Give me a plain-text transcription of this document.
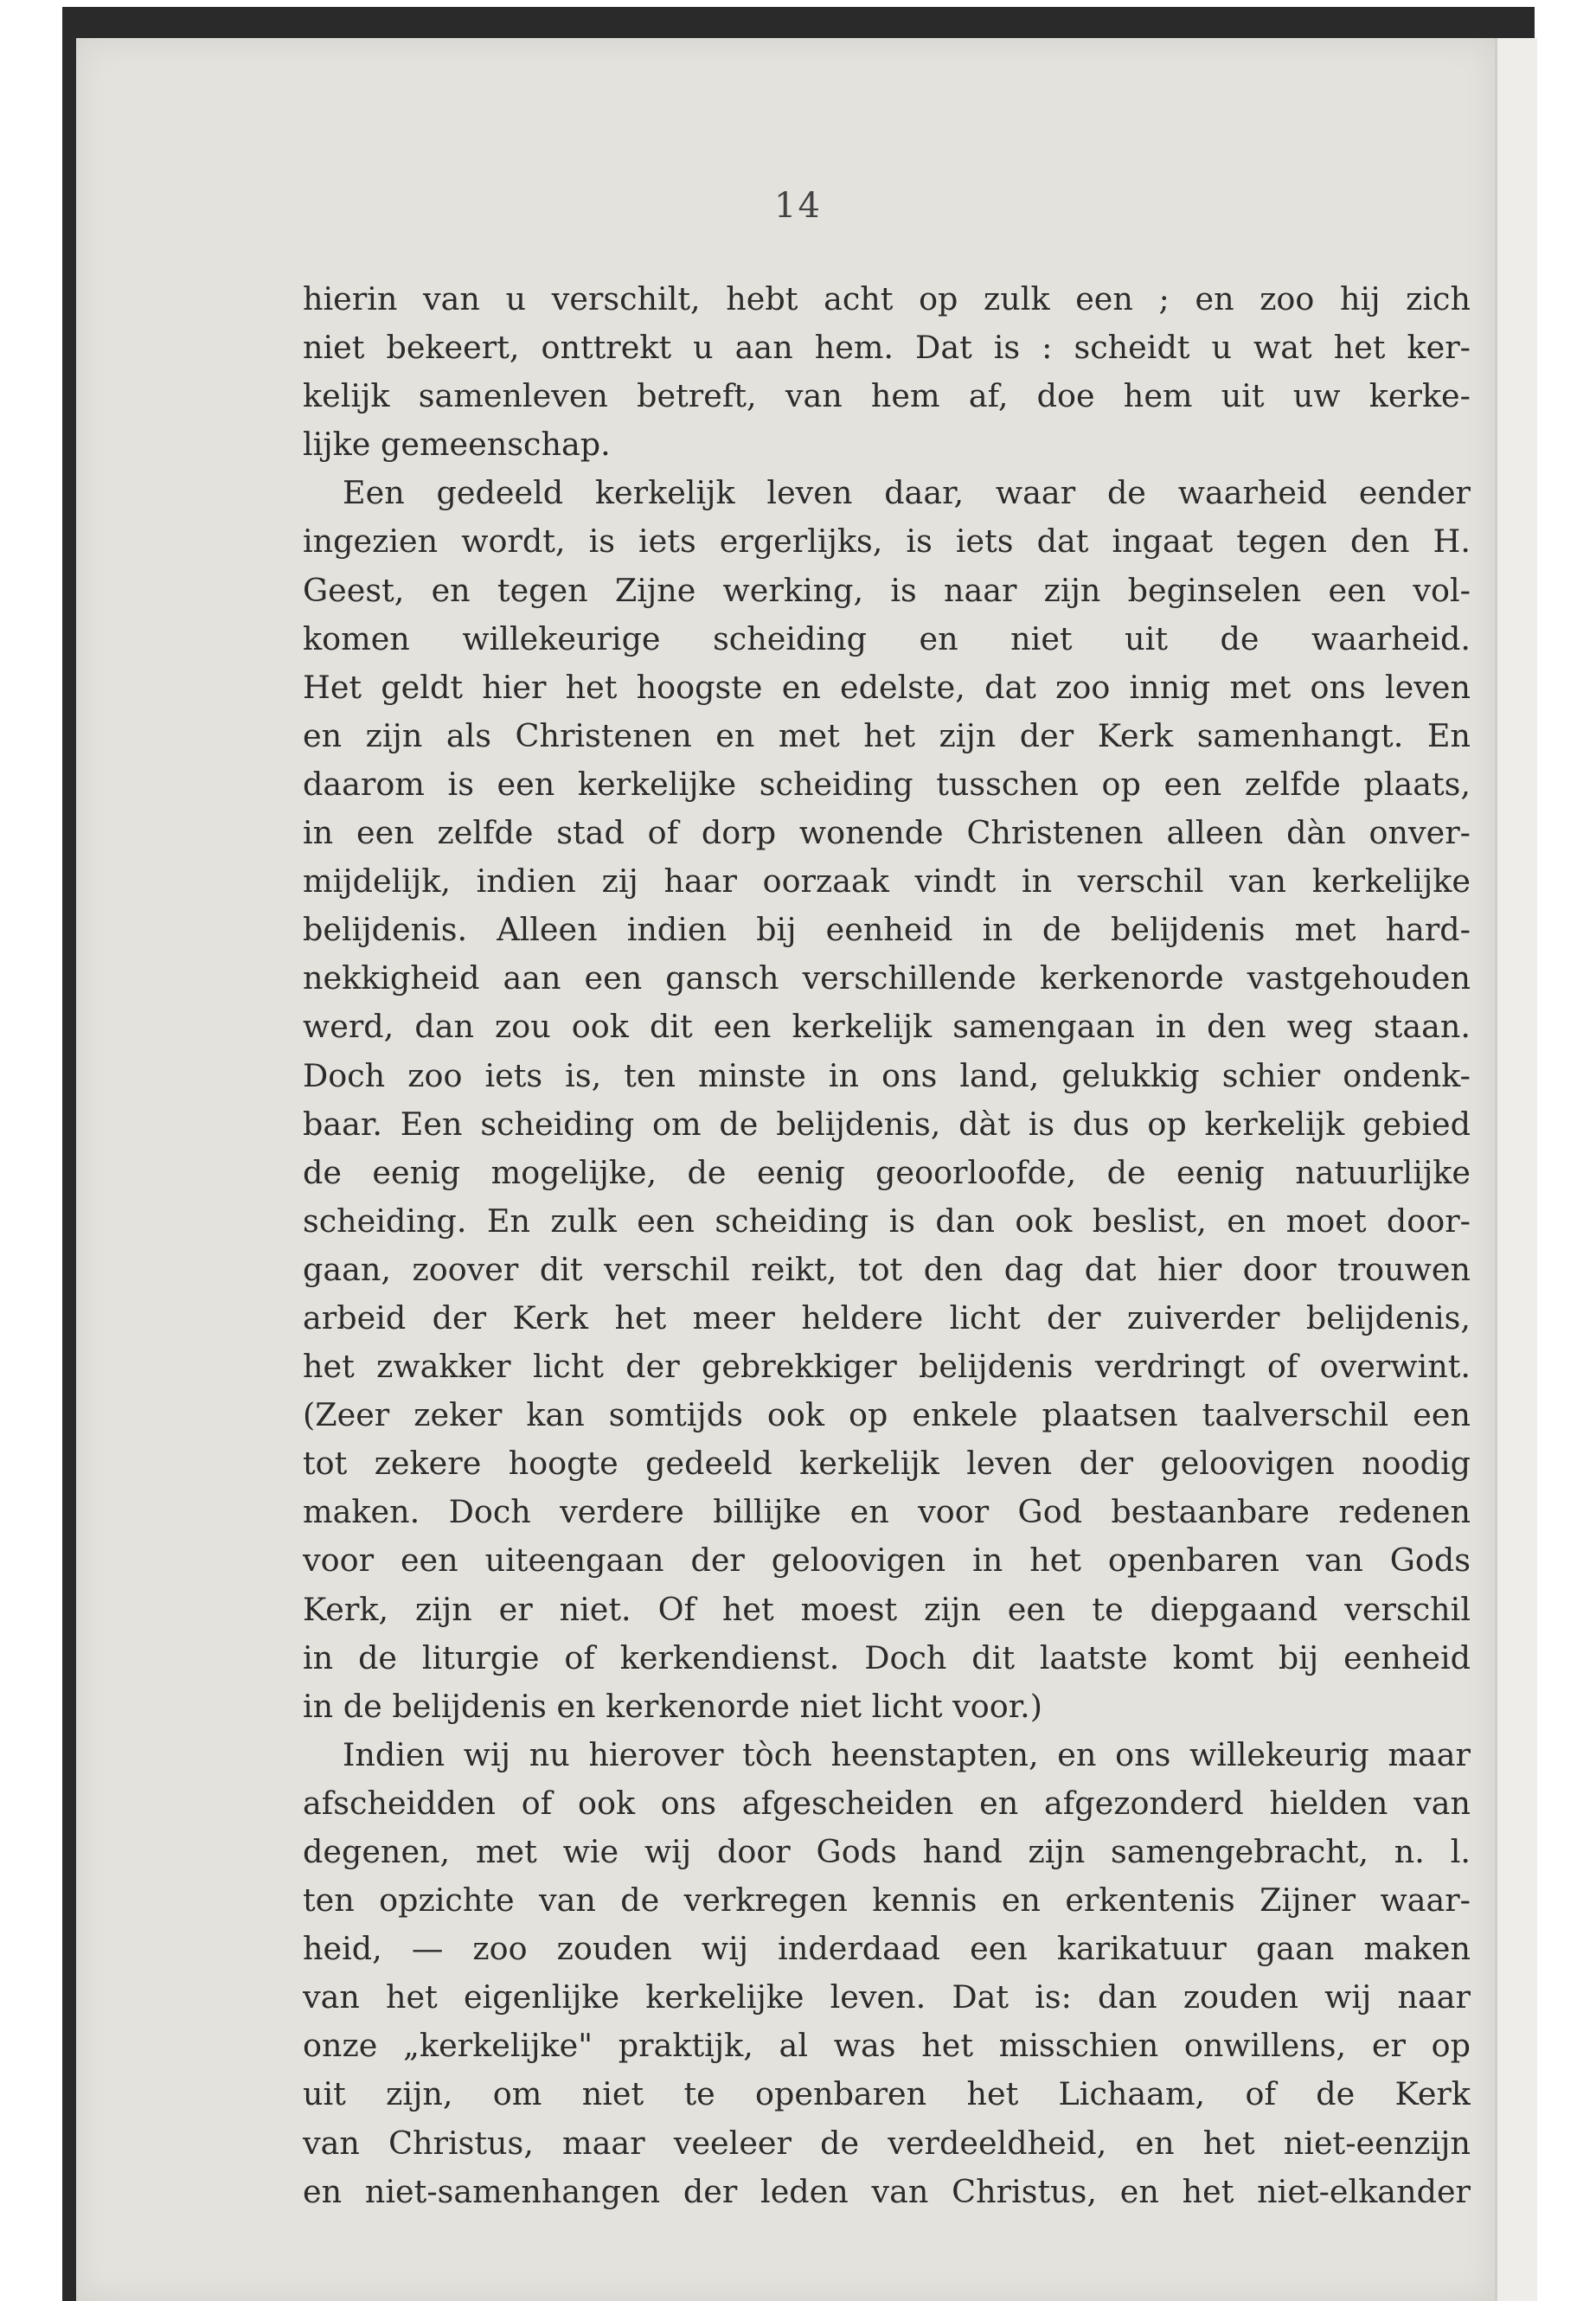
14
hierin van u verschilt, hebt acht op zulk een ; en zoo hij zich
niet bekeert, onttrekt u aan hem. Dat is : scheidt u wat het ker-
kelijk samenleven betreft, van hem af, doe hem uit uw kerke-
lijke gemeenschap.
Een gedeeld kerkelijk leven daar, waar de waarheid eender
ingezien wordt, is iets ergerlijks, is iets dat ingaat tegen den H.
Geest, en tegen Zijne werking, is naar zijn beginselen een vol-
komen willekeurige scheiding en niet uit de waarheid.
Het geldt hier het hoogste en edelste, dat zoo innig met ons leven
en zijn als Christenen en met het zijn der Kerk samenhangt. En
daarom is een kerkelijke scheiding tusschen op een zelfde plaats,
in een zelfde stad of dorp wonende Christenen alleen dàn onver-
mijdelijk, indien zij haar oorzaak vindt in verschil van kerkelijke
belijdenis. Alleen indien bij eenheid in de belijdenis met hard-
nekkigheid aan een gansch verschillende kerkenorde vastgehouden
werd, dan zou ook dit een kerkelijk samengaan in den weg staan.
Doch zoo iets is, ten minste in ons land, gelukkig schier ondenk-
baar. Een scheiding om de belijdenis, dàt is dus op kerkelijk gebied
de eenig mogelijke, de eenig geoorloofde, de eenig natuurlijke
scheiding. En zulk een scheiding is dan ook beslist, en moet door-
gaan, zoover dit verschil reikt, tot den dag dat hier door trouwen
arbeid der Kerk het meer heldere licht der zuiverder belijdenis,
het zwakker licht der gebrekkiger belijdenis verdringt of overwint.
(Zeer zeker kan somtijds ook op enkele plaatsen taalverschil een
tot zekere hoogte gedeeld kerkelijk leven der geloovigen noodig
maken. Doch verdere billijke en voor God bestaanbare redenen
voor een uiteengaan der geloovigen in het openbaren van Gods
Kerk, zijn er niet. Of het moest zijn een te diepgaand verschil
in de liturgie of kerkendienst. Doch dit laatste komt bij eenheid
in de belijdenis en kerkenorde niet licht voor.)
Indien wij nu hierover tòch heenstapten, en ons willekeurig maar
afscheidden of ook ons afgescheiden en afgezonderd hielden van
degenen, met wie wij door Gods hand zijn samengebracht, n. l.
ten opzichte van de verkregen kennis en erkentenis Zijner waar-
heid, — zoo zouden wij inderdaad een karikatuur gaan maken
van het eigenlijke kerkelijke leven. Dat is: dan zouden wij naar
onze „kerkelijke" praktijk, al was het misschien onwillens, er op
uit zijn, om niet te openbaren het Lichaam, of de Kerk
van Christus, maar veeleer de verdeeldheid, en het niet-eenzijn
en niet-samenhangen der leden van Christus, en het niet-elkander
